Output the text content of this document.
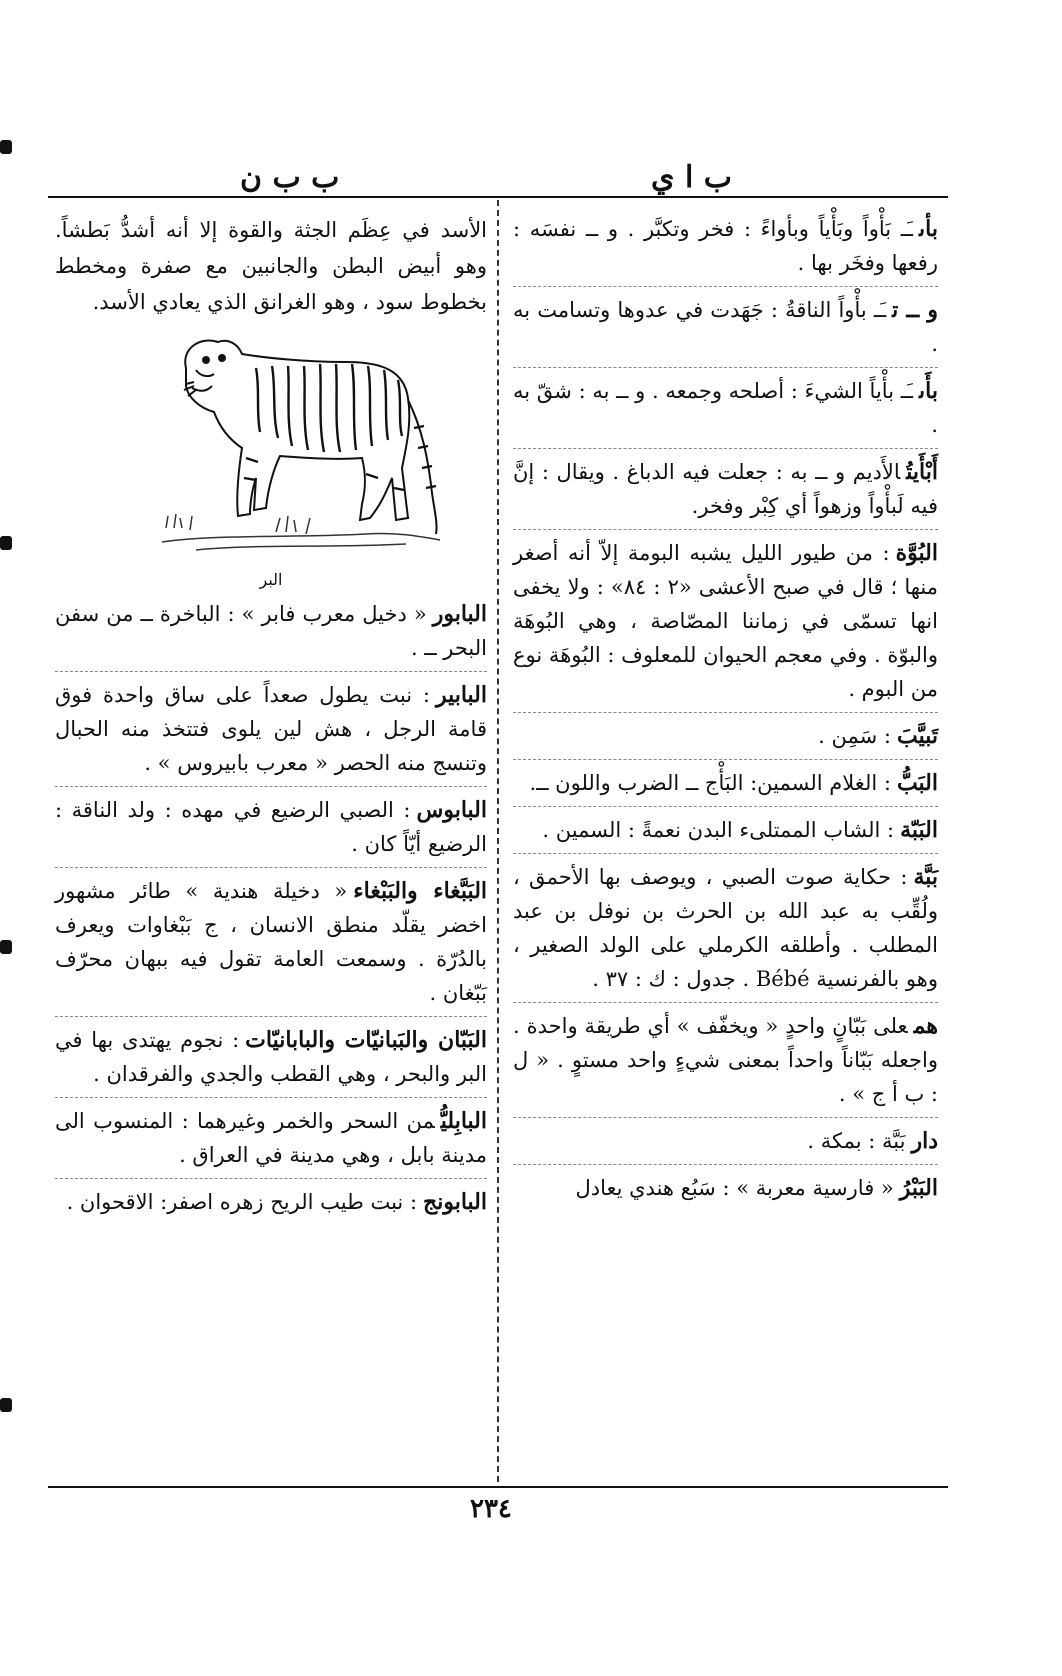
ب ا ي
ب ب ن
بأىـَـ بَأْواً وبَأْياً وبأواءً : فخر وتكبَّر . و ــ نفسَه : رفعها وفخَر بها .
و ــ تـَـ بأْواً الناقةُ : جَهَدت في عدوها وتسامت به .
بأَىـَـ بأْياً الشيءَ : أصلحه وجمعه . و ــ به : شقّ به .
أَبْأَيتُالأَديم و ــ به : جعلت فيه الدباغ . ويقال : إنَّ فيه لَبأْواً وزهواً أي كِبْر وفخر.
البُوَّة: من طيور الليل يشبه البومة إلاّ أنه أصغر منها ؛ قال في صبح الأعشى «٢ : ٨٤» : ولا يخفى انها تسمّى في زماننا المصّاصة ، وهي البُوهَة والبوّة . وفي معجم الحيوان للمعلوف : البُوهَة نوع من البوم .
تَبيَّبَ: سَمِن .
البَبُّ: الغلام السمين: البَأْج ــ الضرب واللون ــ.
البَبّة: الشاب الممتلىء البدن نعمةً : السمين .
بَبَّة: حكاية صوت الصبي ، ويوصف بها الأحمق ، ولُقِّب به عبد الله بن الحرث بن نوفل بن عبد المطلب . وأطلقه الكرملي على الولد الصغير ، وهو بالفرنسية Bébé . جدول : ك : ٣٧ .
همعلى بَبّانٍ واحدٍ « ويخفّف » أي طريقة واحدة . واجعله بَبّاناً واحداً بمعنى شيءٍ واحد مستوٍ . « ل : ب أ ج » .
داربَبَّة : بمكة .
البَبْرُ« فارسية معربة » : سَبُع هندي يعادل
الأسد في عِظَم الجثة والقوة إلا أنه أشدُّ بَطشاً. وهو أبيض البطن والجانبين مع صفرة ومخطط بخطوط سود ، وهو الغرانق الذي يعادي الأسد.
البر
البابور« دخيل معرب فابر » : الباخرة ــ من سفن البحر ــ .
البابير: نبت يطول صعداً على ساق واحدة فوق قامة الرجل ، هش لين يلوى فتتخذ منه الحبال وتنسج منه الحصر « معرب بابيروس » .
البابوس: الصبي الرضيع في مهده : ولد الناقة : الرضيع أيّاً كان .
البَبَّغاء والبَبْغاء« دخيلة هندية » طائر مشهور اخضر يقلّد منطق الانسان ، ج بَبْغاوات ويعرف بالدُرّة . وسمعت العامة تقول فيه ببهان محرّف بَبّغان .
البَبّان والبَبانيّات والبابانيّات: نجوم يهتدى بها في البر والبحر ، وهي القطب والجدي والفرقدان .
البابِليُّمن السحر والخمر وغيرهما : المنسوب الى مدينة بابل ، وهي مدينة في العراق .
البابونج: نبت طيب الريح زهره اصفر: الاقحوان .
٢٣٤
